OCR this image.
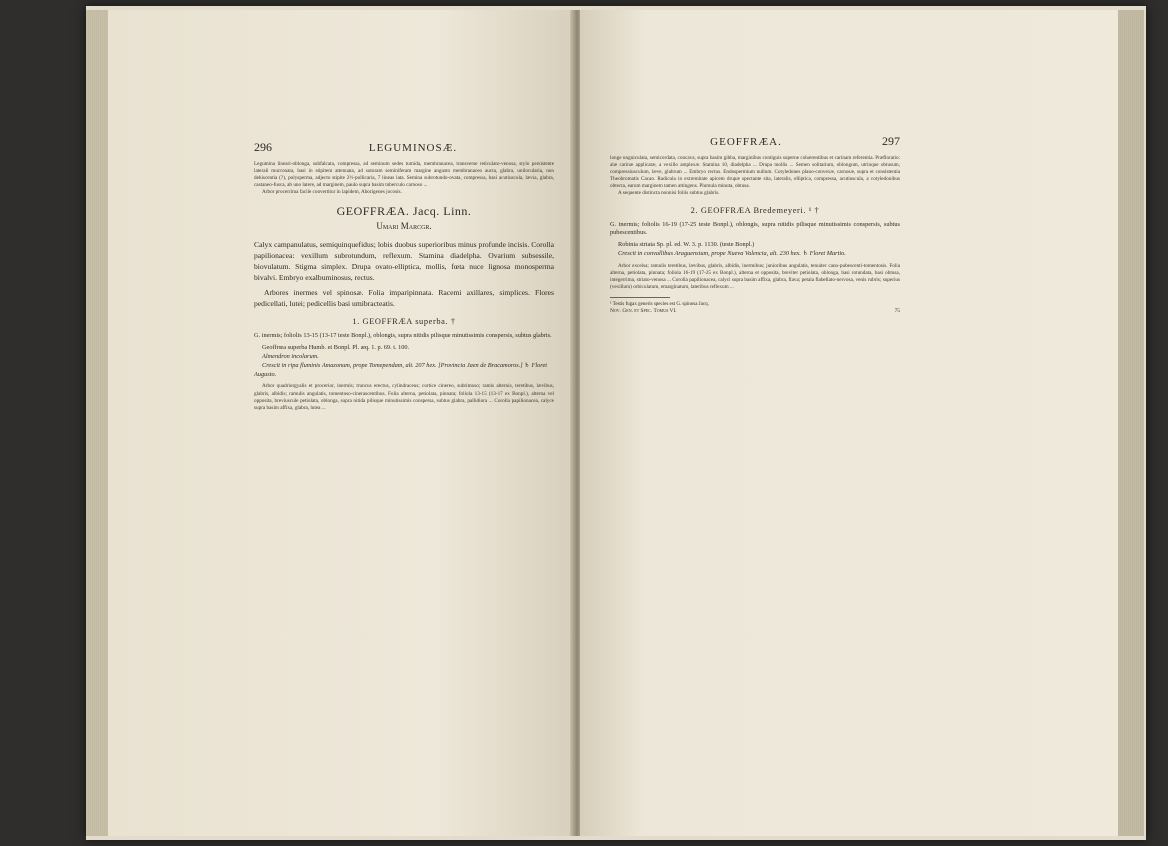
296	LEGUMINOSÆ.
Legumina lineari-oblonga, subfalcata, compressa, ad seminum sedes tumida, membranacea, transverse reticulato-venosa, stylo persistente laterali mucronata, basi in stipitem attenuata, ad suturam seminiferam margine angusto membranaceo aucta, glabra, unilocularia, non dehiscentia (?), polysperma, adjecto stipite 2½-pollicaria, 7 lineas lata. Semina subrotundo-ovata, compressa, basi acutiuscula, lævia, glabra, castaneo-fusca, ab uno latere, ad marginem, paulo supra basim tuberculo carnoso ...
Arbor procerrima facile convertitur in lapidem, Aborigenes jocosis.
GEOFFRÆA. Jacq. Linn.
Umari Marcgr.
Calyx campanulatus, semiquinquefidus; lobis duobus superioribus minus profunde incisis. Corolla papilionacea: vexillum subrotundum, reflexum. Stamina diadelpha. Ovarium subsessile, biovulatum. Stigma simplex. Drupa ovato-elliptica, mollis, fœta nuce lignosa monosperma bivalvi. Embryo exalbuminosus, rectus.
Arbores inermes vel spinosæ. Folia imparipinnata. Racemi axillares, simplices. Flores pedicellati, lutei; pedicellis basi umibracteatis.
1. GEOFFRÆA superba. †
G. inermis; foliolis 13-15 (13-17 teste Bonpl.), oblongis, supra nitidis pilisque minutissimis conspersis, subtus glabris.
Geoffrœa superba Humb. et Bonpl. Pl. æq. 1. p. 69. t. 100.
Almendron incolarum.
Crescit in ripa fluminis Amazonum, prope Tomependam, alt. 207 hex. [Provincia Jaen de Bracamoros.] ♄ Floret Augusto.
Arbor quadriorgyalis et procerior, inermis; truncus erectus, cylindraceus; cortice cinereo, subrimoso; ramis alternis, teretibus, lævibus, glabris, albidis; ramulis angulatis, tomentoso-cinerascentibus. Folia alterna, petiolata, pinnata; foliola 13-15 (13-17 ex Bonpl.), alterna vel opposita, breviuscule petiolata, oblonga, supra nitida pilisque minutissimis conspersa, subtus glabra, pallidiora ... Corolla papilionacea, calyce supra basim affixa, glabra, lutea ...
GEOFFRÆA.	297
longe unguiculata, semicordata, concava, supra basim gibba, marginibus contiguis superne cohærentibus et carinam referentia. Præfloratio: alæ carinæ applicatæ, a vexillo amplexæ. Stamina 10, diadelpha ... Drupa mollis ... Semen solitarium, oblongum, utrinque obtusum, compressiusculum, læve, glabrum ... Embryo rectus. Endospermium nullum. Cotyledones plano-convexæ, carnosæ, supra et consistentia Theobromatis Cacao. Radicula in extremitate apicem drupæ spectante sita, lateralis, elliptica, compressa, acutiuscula, a cotyledonibus obtecta, earum marginem tamen attingens. Plumula minuta, obtusa.
A sequente distincta nonnisi foliis subtus glabris.
2. GEOFFRÆA Bredemeyeri. ¹ †
G. inermis; foliolis 16-19 (17-25 teste Bonpl.), oblongis, supra nitidis pilisque minutissimis conspersis, subtus pubescentibus.
Robinia striata Sp. pl. ed. W. 3. p. 1130. (teste Bonpl.)
Crescit in convallibus Araguensium, prope Nueva Valencia, alt. 230 hex. ♄ Floret Martio.
Arbor excelsa; ramulis teretibus, lævibus, glabris, albidis, inermibus; junioribus angulatis, tenuiter cano-pubescenti-tomentosis. Folia alterna, petiolata, pinnata; foliola 16-19 (17-25 ex Bonpl.), alterna et opposita, breviter petiolata, oblonga, basi rotundata, basi obtusa, integerrima, striato-venosa ... Corolla papilionacea, calyci supra basim affixa, glabra, flava; petala flabellato-nervosa, venis rubris; superius (vexillum) orbiculatum, emarginatum, lateribus reflexum ...
¹ Testis fugax generis species est G. spinosa Jacq.
Nov. Gen. et Spec. Tomus VI.	75
